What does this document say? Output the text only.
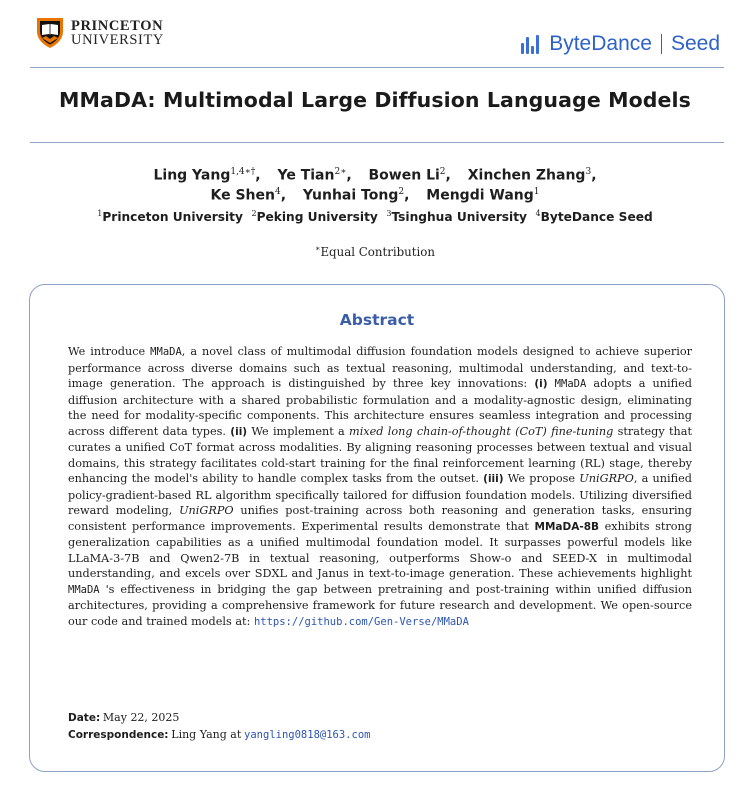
PRINCETON
UNIVERSITY	ByteDance Seed
MMaDA: Multimodal Large Diffusion Language Models
Ling Yang$^{1,4∗\dagger}$, Ye Tian$^{2∗}$, Bowen Li$^2$, Xinchen Zhang$^3$,
Ke Shen$^4$, Yunhai Tong$^2$, Mengdi Wang$^1$
$^1$Princeton University $^2$Peking University $^3$Tsinghua University $^4$ByteDance Seed
∗Equal Contribution
Abstract
We introduce MMaDA, a novel class of multimodal diffusion foundation models designed to achieve superior performance across diverse domains such as textual reasoning, multimodal understanding, and text-to-image generation. The approach is distinguished by three key innovations: (i) MMaDA adopts a unified diffusion architecture with a shared probabilistic formulation and a modality-agnostic design, eliminating the need for modality-specific components. This architecture ensures seamless integration and processing across different data types. (ii) We implement a mixed long chain-of-thought (CoT) fine-tuning strategy that curates a unified CoT format across modalities. By aligning reasoning processes between textual and visual domains, this strategy facilitates cold-start training for the final reinforcement learning (RL) stage, thereby enhancing the model's ability to handle complex tasks from the outset. (iii) We propose UniGRPO, a unified policy-gradient-based RL algorithm specifically tailored for diffusion foundation models. Utilizing diversified reward modeling, UniGRPO unifies post-training across both reasoning and generation tasks, ensuring consistent performance improvements. Experimental results demonstrate that MMaDA-8B exhibits strong generalization capabilities as a unified multimodal foundation model. It surpasses powerful models like LLaMA-3-7B and Qwen2-7B in textual reasoning, outperforms Show-o and SEED-X in multimodal understanding, and excels over SDXL and Janus in text-to-image generation. These achievements highlight MMaDA 's effectiveness in bridging the gap between pretraining and post-training within unified diffusion architectures, providing a comprehensive framework for future research and development. We open-source our code and trained models at: https://github.com/Gen-Verse/MMaDA
Date: May 22, 2025
Correspondence: Ling Yang at yangling0818@163.com
